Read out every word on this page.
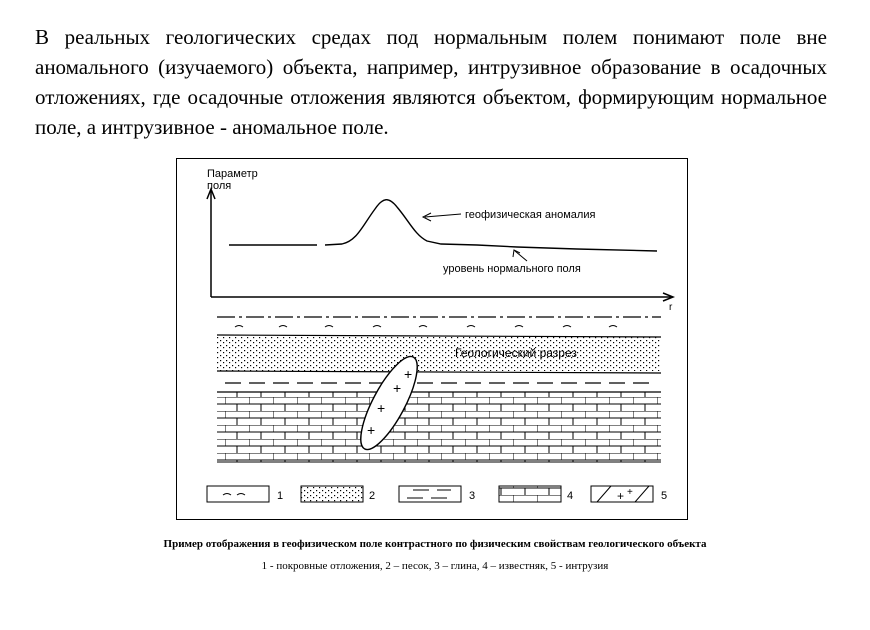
В реальных геологических средах под нормальным полем понимают поле вне аномального (изучаемого) объекта, например, интрузивное образование в осадочных отложениях, где осадочные отложения являются объектом, формирующим нормальное поле, а интрузивное - аномальное поле.

Параметр
поля
r
геофизическая аномалия
уровень нормального поля
Геологический разрез
+
+
+
+
1	2	3	4	+ +	5
Пример отображения в геофизическом поле контрастного по физическим свойствам геологического объекта
1 - покровные отложения, 2 – песок, 3 – глина, 4 – известняк, 5 - интрузия
